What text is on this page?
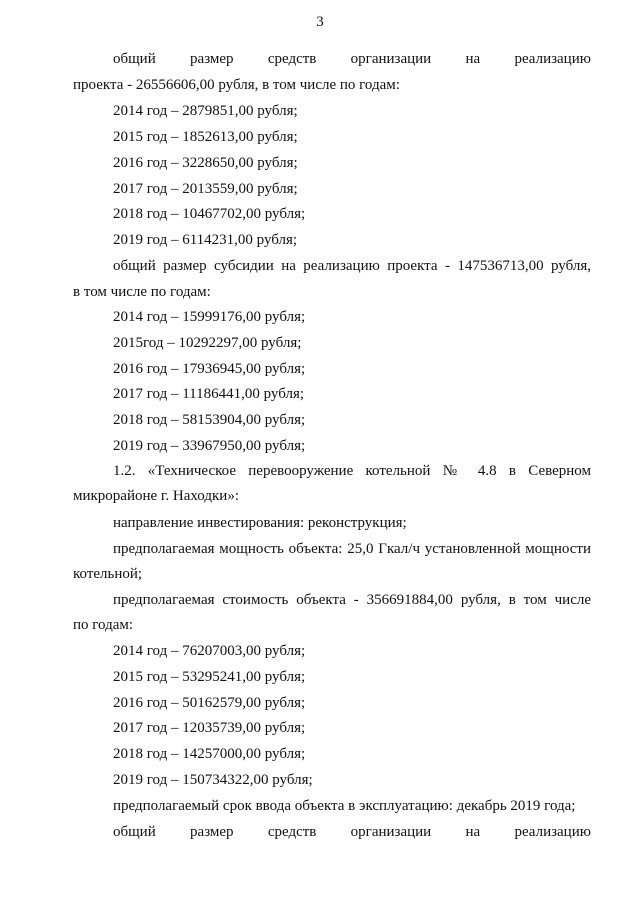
3
общий размер средств организации на реализацию
проекта - 26556606,00 рубля, в том числе по годам:
2014 год – 2879851,00 рубля;
2015 год – 1852613,00 рубля;
2016 год – 3228650,00 рубля;
2017 год – 2013559,00 рубля;
2018 год – 10467702,00 рубля;
2019 год – 6114231,00 рубля;
общий размер субсидии на реализацию проекта - 147536713,00 рубля,
в том числе по годам:
2014 год – 15999176,00 рубля;
2015год – 10292297,00 рубля;
2016 год – 17936945,00 рубля;
2017 год – 11186441,00 рубля;
2018 год – 58153904,00 рубля;
2019 год – 33967950,00 рубля;
1.2. «Техническое перевооружение котельной № 4.8 в Северном
микрорайоне г. Находки»:
направление инвестирования: реконструкция;
предполагаемая мощность объекта: 25,0 Гкал/ч установленной мощности
котельной;
предполагаемая стоимость объекта - 356691884,00 рубля, в том числе
по годам:
2014 год – 76207003,00 рубля;
2015 год – 53295241,00 рубля;
2016 год – 50162579,00 рубля;
2017 год – 12035739,00 рубля;
2018 год – 14257000,00 рубля;
2019 год – 150734322,00 рубля;
предполагаемый срок ввода объекта в эксплуатацию: декабрь 2019 года;
общий размер средств организации на реализацию
